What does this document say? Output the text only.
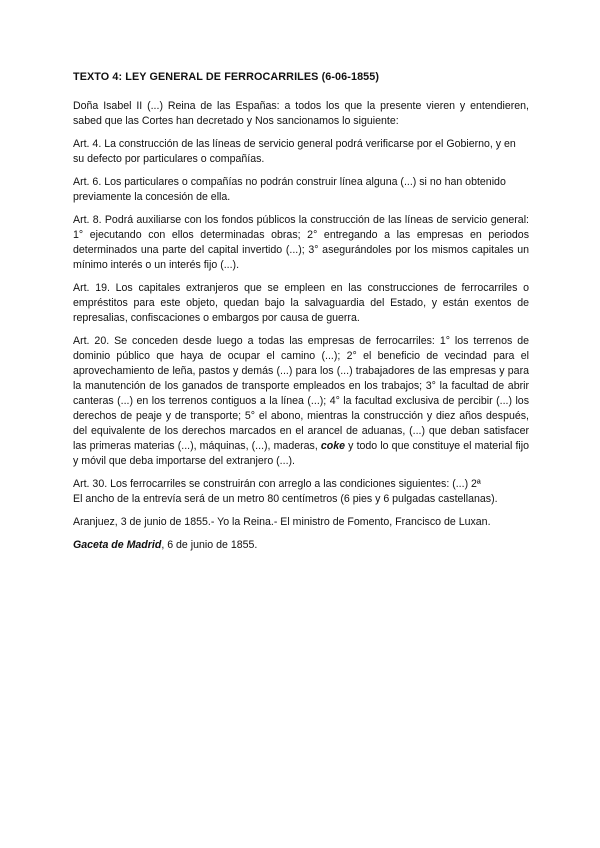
TEXTO 4: LEY GENERAL DE FERROCARRILES (6-06-1855)

Doña Isabel II (...) Reina de las Españas: a todos los que la presente vieren y entendieren, sabed que las Cortes han decretado y Nos sancionamos lo siguiente:

Art. 4. La construcción de las líneas de servicio general podrá verificarse por el Gobierno, y en su defecto por particulares o compañías.

Art. 6. Los particulares o compañías no podrán construir línea alguna (...) si no han obtenido previamente la concesión de ella.

Art. 8. Podrá auxiliarse con los fondos públicos la construcción de las líneas de servicio general: 1° ejecutando con ellos determinadas obras; 2° entregando a las empresas en periodos determinados una parte del capital invertido (...); 3° asegurándoles por los mismos capitales un mínimo interés o un interés fijo (...).

Art. 19. Los capitales extranjeros que se empleen en las construcciones de ferrocarriles o empréstitos para este objeto, quedan bajo la salvaguardia del Estado, y están exentos de represalias, confiscaciones o embargos por causa de guerra.

Art. 20. Se conceden desde luego a todas las empresas de ferrocarriles: 1° los terrenos de dominio público que haya de ocupar el camino (...); 2° el beneficio de vecindad para el aprovechamiento de leña, pastos y demás (...) para los (...) trabajadores de las empresas y para la manutención de los ganados de transporte empleados en los trabajos; 3° la facultad de abrir canteras (...) en los terrenos contiguos a la línea (...); 4° la facultad exclusiva de percibir (...) los derechos de peaje y de transporte; 5° el abono, mientras la construcción y diez años después, del equivalente de los derechos marcados en el arancel de aduanas, (...) que deban satisfacer las primeras materias (...), máquinas, (...), maderas, coke y todo lo que constituye el material fijo y móvil que deba importarse del extranjero (...).

Art. 30. Los ferrocarriles se construirán con arreglo a las condiciones siguientes: (...) 2ª
El ancho de la entrevía será de un metro 80 centímetros (6 pies y 6 pulgadas castellanas).

Aranjuez, 3 de junio de 1855.- Yo la Reina.- El ministro de Fomento, Francisco de Luxan.

Gaceta de Madrid, 6 de junio de 1855.
